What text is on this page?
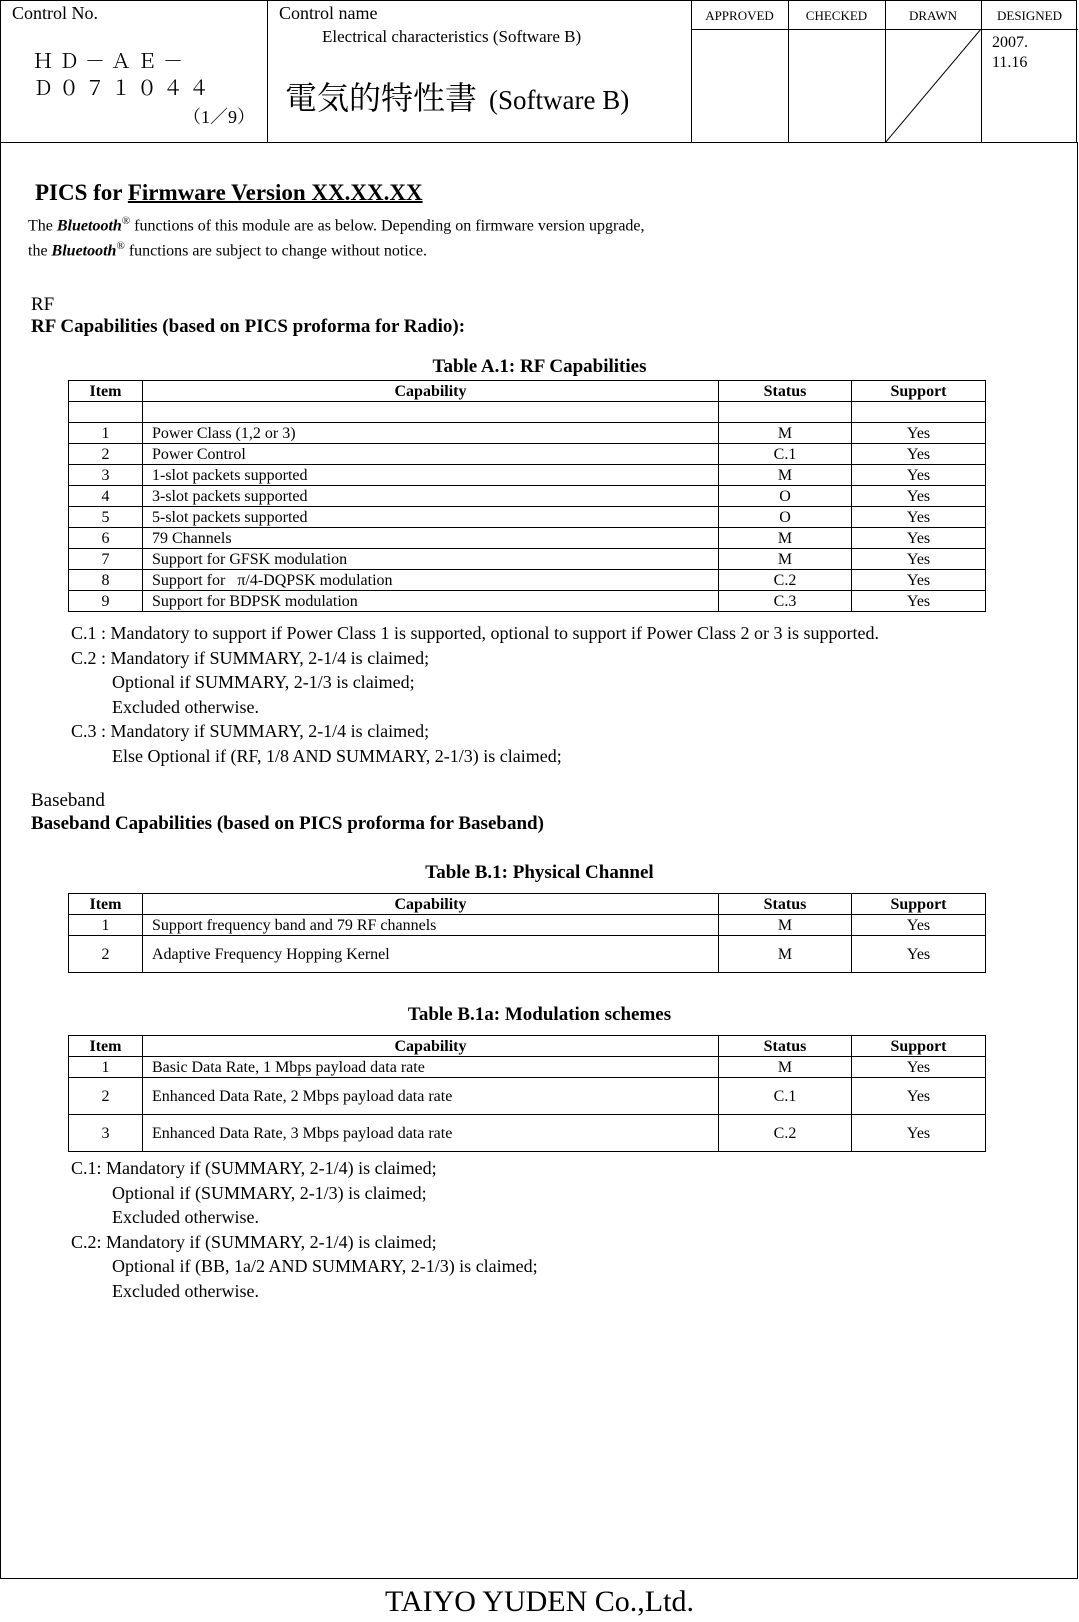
Control No.
ＨＤ－ＡＥ－
Ｄ０７１０４４
（1／9）
Control name
Electrical characteristics (Software B)
電気的特性書 (Software B)
APPROVED	CHECKED	DRAWN	DESIGNED
2007.
11.16
PICS for Firmware Version XX.XX.XX
The Bluetooth® functions of this module are as below. Depending on firmware version upgrade,
the Bluetooth® functions are subject to change without notice.
RF
RF Capabilities (based on PICS proforma for Radio):
Table A.1: RF Capabilities
Item	Capability	Status	Support

1	Power Class (1,2 or 3)	M	Yes
2	Power Control	C.1	Yes
3	1-slot packets supported	M	Yes
4	3-slot packets supported	O	Yes
5	5-slot packets supported	O	Yes
6	79 Channels	M	Yes
7	Support for GFSK modulation	M	Yes
8	Support for   π/4-DQPSK modulation	C.2	Yes
9	Support for BDPSK modulation	C.3	Yes
C.1 : Mandatory to support if Power Class 1 is supported, optional to support if Power Class 2 or 3 is supported.
C.2 : Mandatory if SUMMARY, 2-1/4 is claimed;
Optional if SUMMARY, 2-1/3 is claimed;
Excluded otherwise.
C.3 : Mandatory if SUMMARY, 2-1/4 is claimed;
Else Optional if (RF, 1/8 AND SUMMARY, 2-1/3) is claimed;
Baseband
Baseband Capabilities (based on PICS proforma for Baseband)
Table B.1: Physical Channel
Item	Capability	Status	Support
1	Support frequency band and 79 RF channels	M	Yes
2	Adaptive Frequency Hopping Kernel	M	Yes
Table B.1a: Modulation schemes
Item	Capability	Status	Support
1	Basic Data Rate, 1 Mbps payload data rate	M	Yes
2	Enhanced Data Rate, 2 Mbps payload data rate	C.1	Yes
3	Enhanced Data Rate, 3 Mbps payload data rate	C.2	Yes
C.1: Mandatory if (SUMMARY, 2-1/4) is claimed;
Optional if (SUMMARY, 2-1/3) is claimed;
Excluded otherwise.
C.2: Mandatory if (SUMMARY, 2-1/4) is claimed;
Optional if (BB, 1a/2 AND SUMMARY, 2-1/3) is claimed;
Excluded otherwise.
TAIYO YUDEN Co.,Ltd.
